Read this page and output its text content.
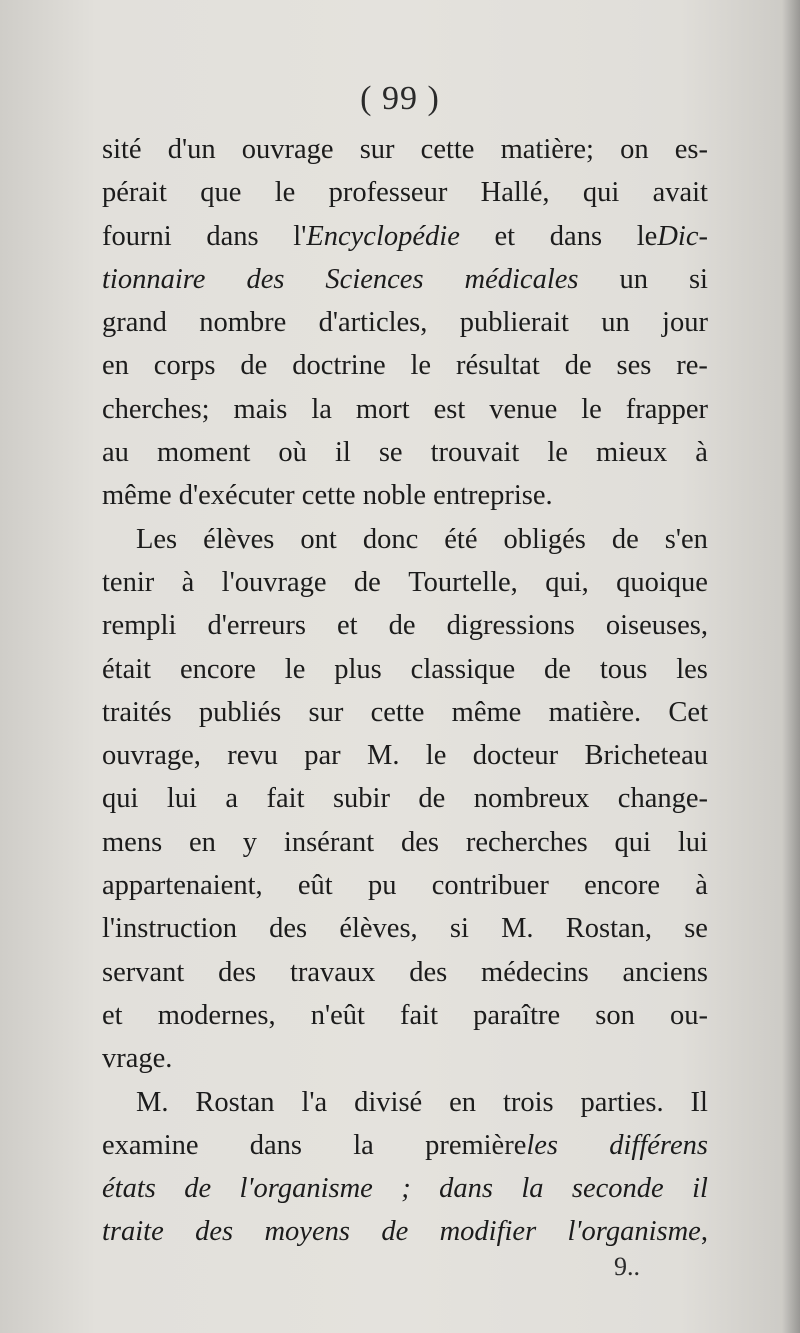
( 99 )
sité d'un ouvrage sur cette matière; on es-
pérait que le professeur Hallé, qui avait
fourni dans l'Encyclopédie et dans leDic-
tionnaire des Sciences médicales un si
grand nombre d'articles, publierait un jour
en corps de doctrine le résultat de ses re-
cherches; mais la mort est venue le frapper
au moment où il se trouvait le mieux à
même
d'exécuter
cette
noble
entreprise.
Les élèves ont donc été obligés de s'en
tenir à l'ouvrage de Tourtelle, qui, quoique
rempli d'erreurs et de digressions oiseuses,
était encore le plus classique de tous les
traités publiés sur cette même matière. Cet
ouvrage, revu par M. le docteur Bricheteau
qui lui a fait subir de nombreux change-
mens en y insérant des recherches qui lui
appartenaient, eût pu contribuer encore à
l'instruction des élèves, si M. Rostan, se
servant des travaux des médecins anciens
et modernes, n'eût fait paraître son ou-
vrage.
M. Rostan l'a divisé en trois parties. Il
examine dans la premièreles différens
états de l'organisme ; dans la seconde il
traite des moyens de modifier l'organisme,
9..
